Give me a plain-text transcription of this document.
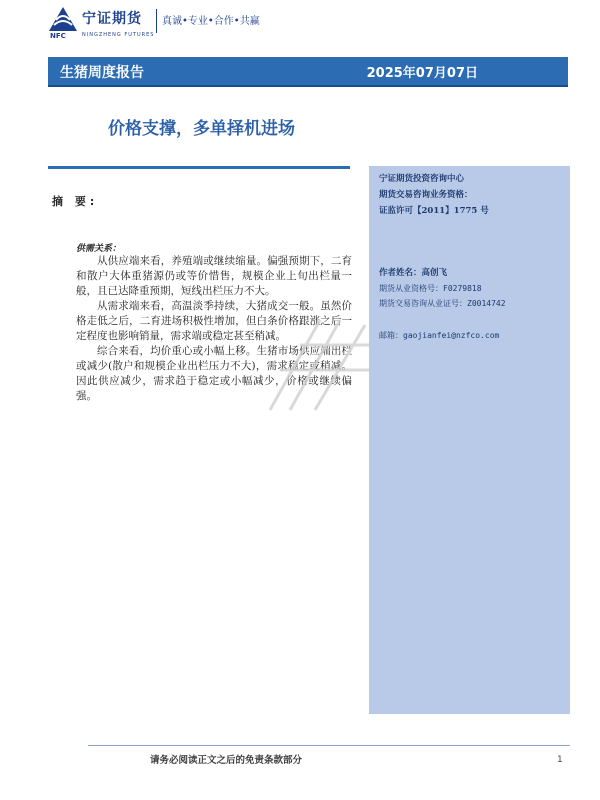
宁证期货 真诚•专业•合作•共赢
NFC	NINGZHENG FUTURES
生猪周度报告	2025年07月07日
价格支撑，多单择机进场
摘 要:
供需关系：

从供应端来看，养殖端或继续缩量。偏强预期下，二育和散户大体重猪源仍或等价惜售，规模企业上旬出栏量一般，且已达降重预期，短线出栏压力不大。

从需求端来看，高温淡季持续，大猪成交一般。虽然价格走低之后，二育进场积极性增加，但白条价格跟涨之后一定程度也影响销量，需求端或稳定甚至稍减。

综合来看，均价重心或小幅上移。生猪市场供应端出栏或减少(散户和规模企业出栏压力不大)，需求稳定或稍减。因此供应减少，需求趋于稳定或小幅减少，价格或继续偏强。

宁证期货投资咨询中心
期货交易咨询业务资格：
证监许可【2011】1775 号
作者姓名：高创飞
期货从业资格号：F0279818
期货交易咨询从业证号：Z0014742
邮箱：gaojianfei@nzfco.com
请务必阅读正文之后的免责条款部分	1
